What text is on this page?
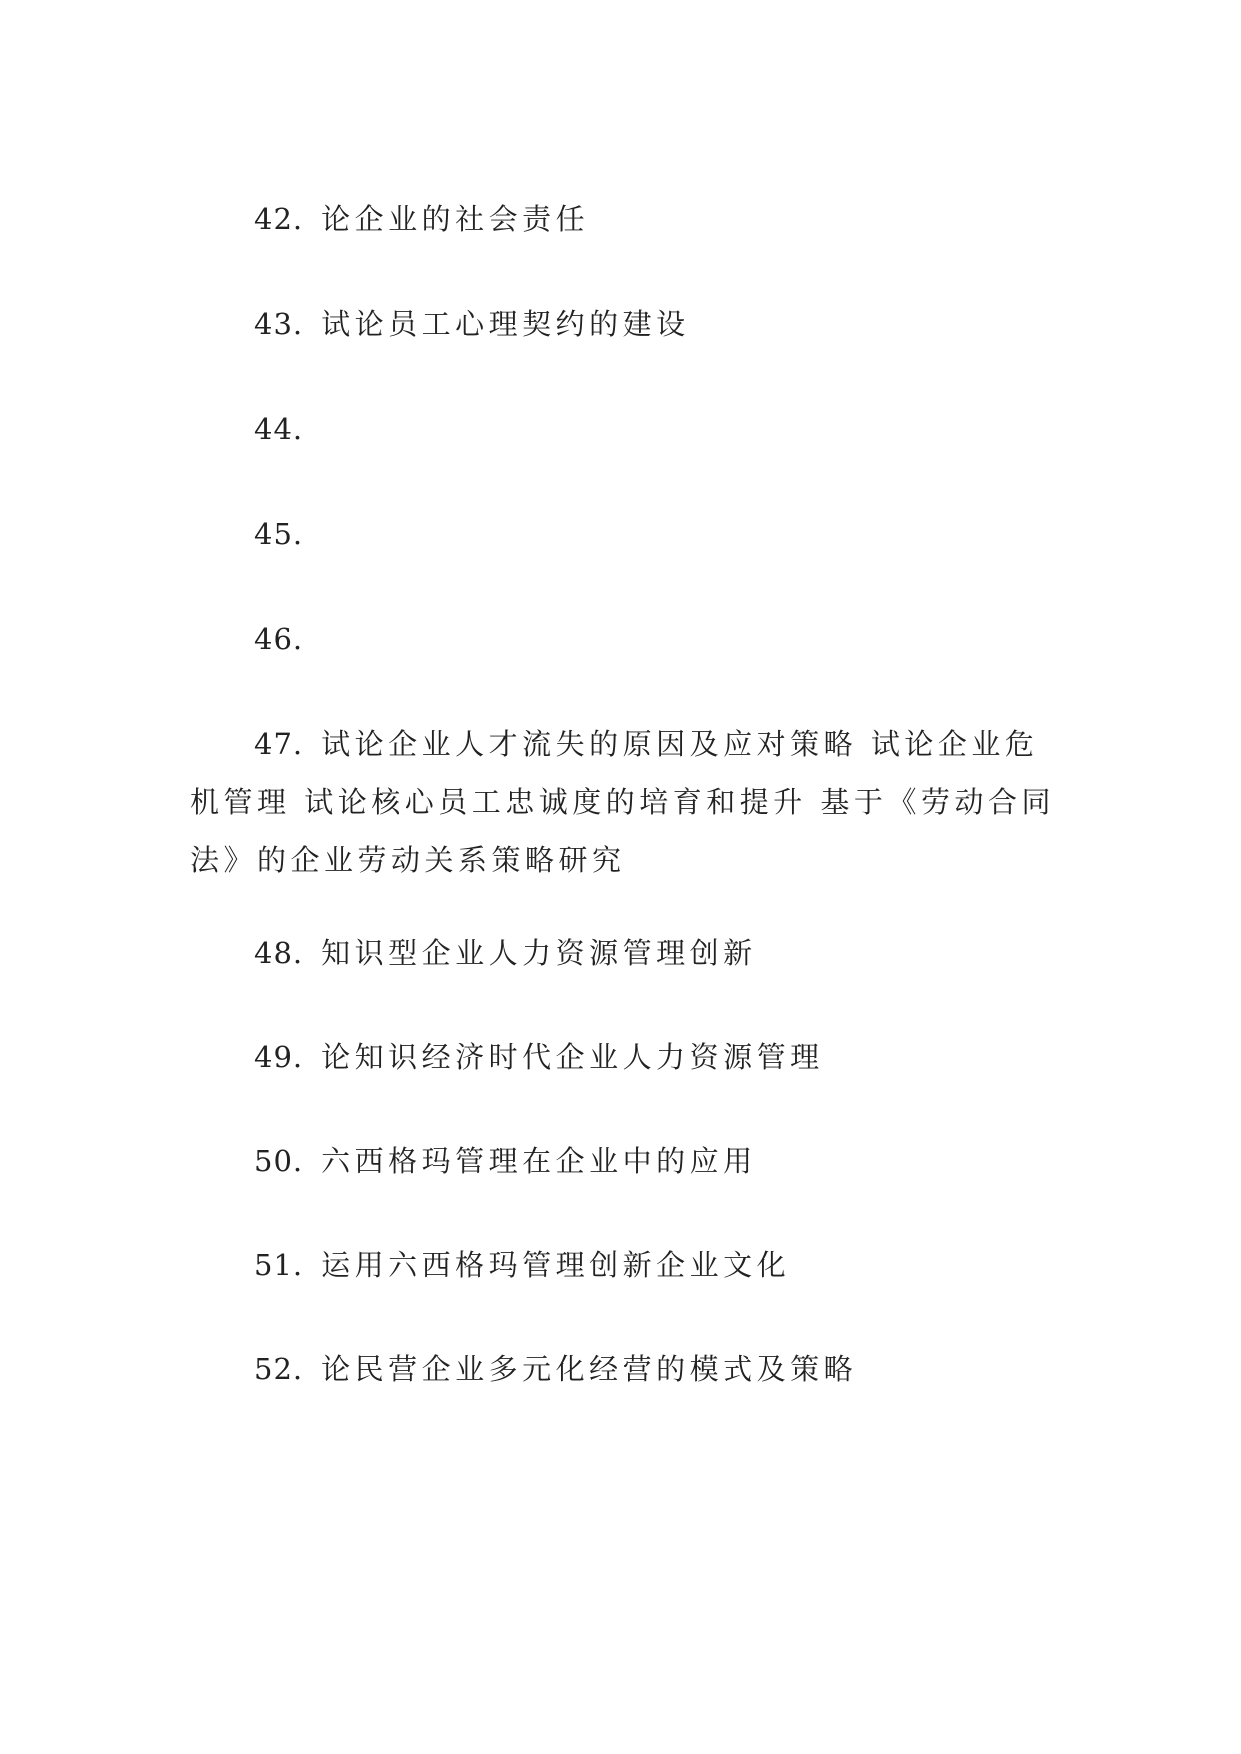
42. 论企业的社会责任

43. 试论员工心理契约的建设

44.

45.

46.

47. 试论企业人才流失的原因及应对策略 试论企业危机管理 试论核心员工忠诚度的培育和提升 基于《劳动合同法》的企业劳动关系策略研究

48. 知识型企业人力资源管理创新

49. 论知识经济时代企业人力资源管理

50. 六西格玛管理在企业中的应用

51. 运用六西格玛管理创新企业文化

52. 论民营企业多元化经营的模式及策略
